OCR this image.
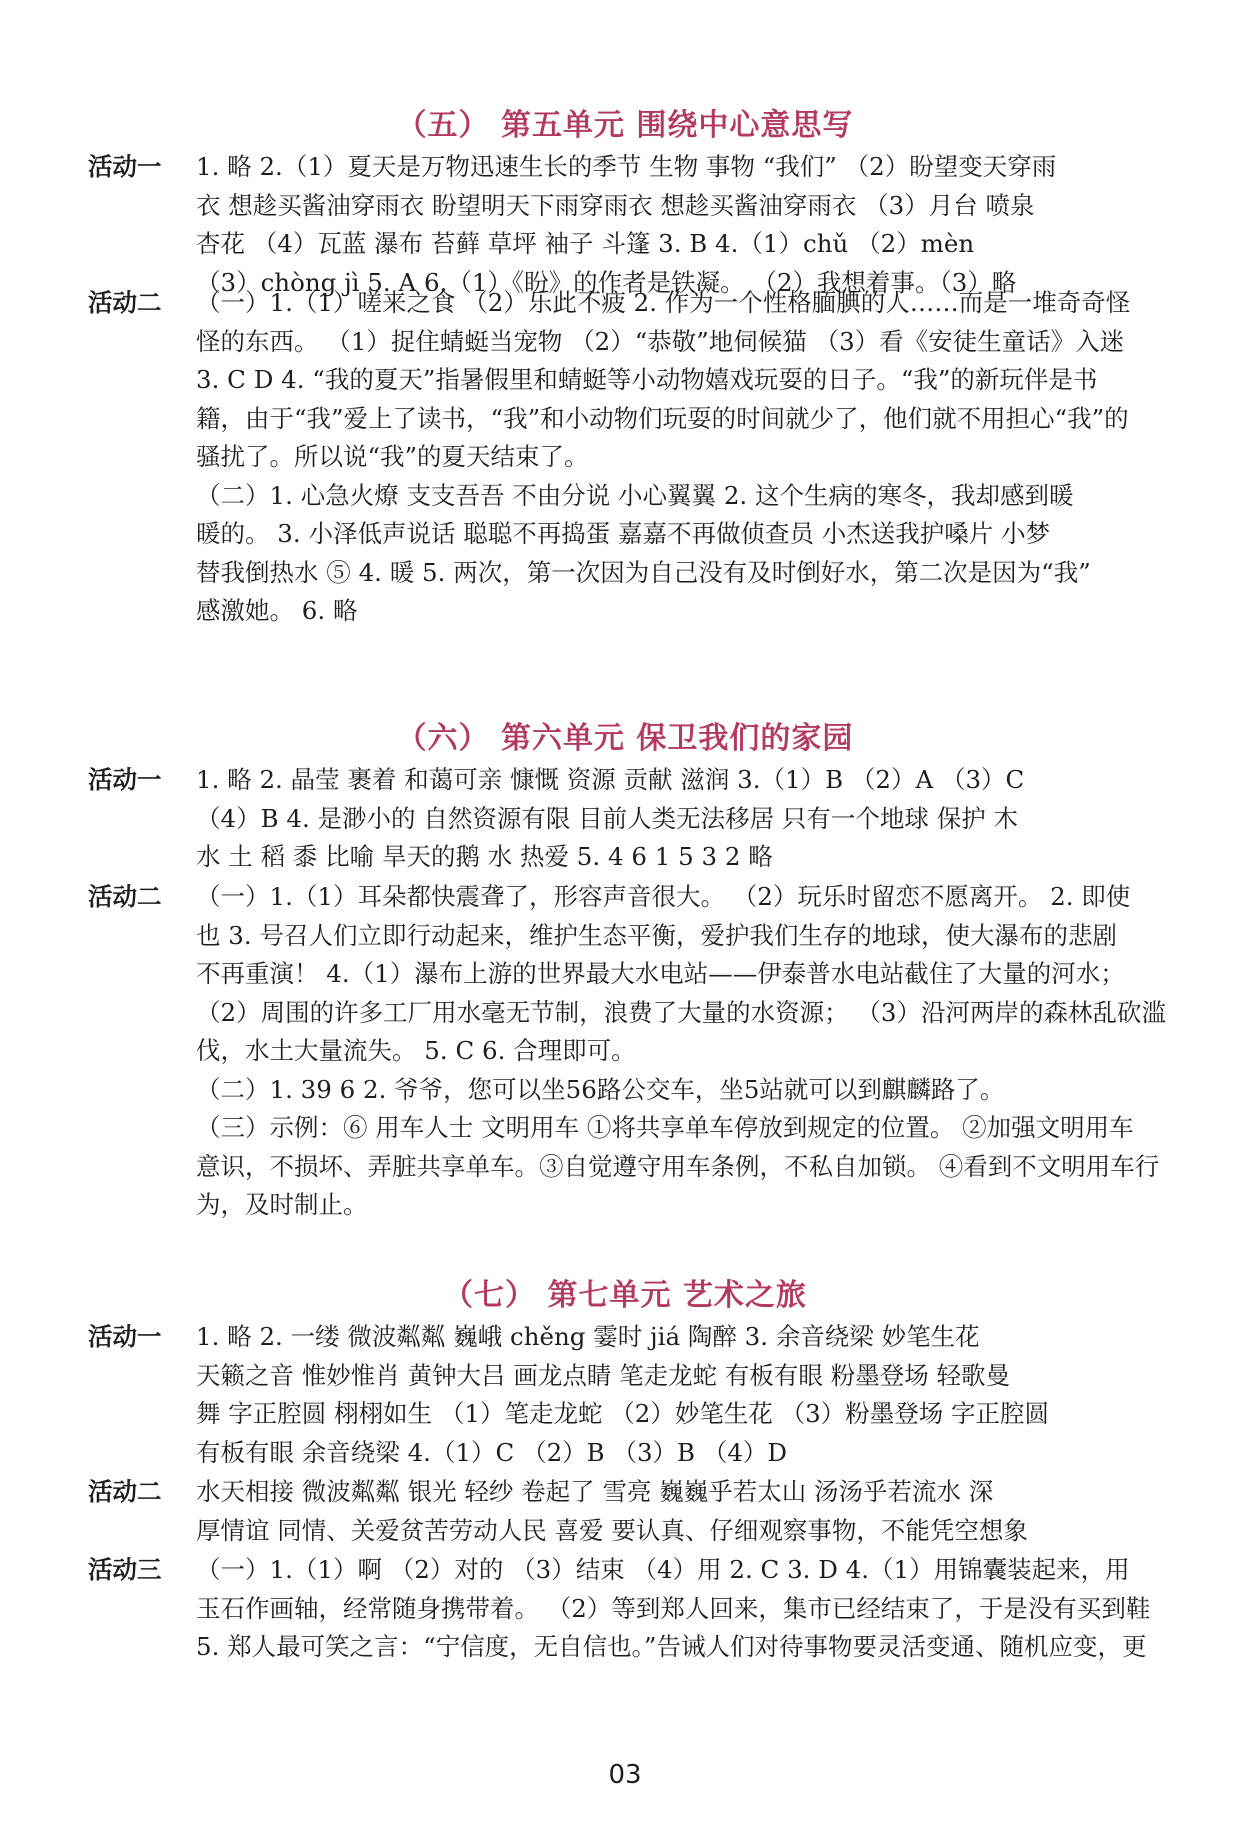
（五） 第五单元 围绕中心意思写
活动一 1. 略 2.（1）夏天是万物迅速生长的季节 生物 事物 “我们” （2）盼望变天穿雨
衣 想趁买酱油穿雨衣 盼望明天下雨穿雨衣 想趁买酱油穿雨衣 （3）月台 喷泉
杏花 （4）瓦蓝 瀑布 苔藓 草坪 袖子 斗篷 3. B 4.（1）chǔ （2）mèn
（3）chòng jì 5. A 6.（1）《盼》的作者是铁凝。 （2）我想着事。（3）略
活动二 （一）1.（1）嗟来之食 （2）乐此不疲 2. 作为一个性格腼腆的人……而是一堆奇奇怪
怪的东西。 （1）捉住蜻蜓当宠物 （2）“恭敬”地伺候猫 （3）看《安徒生童话》入迷
3. C D 4. “我的夏天”指暑假里和蜻蜓等小动物嬉戏玩耍的日子。“我”的新玩伴是书
籍，由于“我”爱上了读书，“我”和小动物们玩耍的时间就少了，他们就不用担心“我”的
骚扰了。所以说“我”的夏天结束了。
（二）1. 心急火燎 支支吾吾 不由分说 小心翼翼 2. 这个生病的寒冬，我却感到暖
暖的。 3. 小泽低声说话 聪聪不再捣蛋 嘉嘉不再做侦查员 小杰送我护嗓片 小梦
替我倒热水 ⑤ 4. 暖 5. 两次，第一次因为自己没有及时倒好水，第二次是因为“我”
感激她。 6. 略
（六） 第六单元 保卫我们的家园
活动一 1. 略 2. 晶莹 裹着 和蔼可亲 慷慨 资源 贡献 滋润 3.（1）B （2）A （3）C
（4）B 4. 是渺小的 自然资源有限 目前人类无法移居 只有一个地球 保护 木
水 土 稻 黍 比喻 旱天的鹅 水 热爱 5. 4 6 1 5 3 2 略
活动二 （一）1.（1）耳朵都快震聋了，形容声音很大。 （2）玩乐时留恋不愿离开。 2. 即使
也 3. 号召人们立即行动起来，维护生态平衡，爱护我们生存的地球，使大瀑布的悲剧
不再重演！ 4.（1）瀑布上游的世界最大水电站——伊泰普水电站截住了大量的河水；
（2）周围的许多工厂用水毫无节制，浪费了大量的水资源； （3）沿河两岸的森林乱砍滥
伐，水土大量流失。 5. C 6. 合理即可。
（二）1. 39 6 2. 爷爷，您可以坐56路公交车，坐5站就可以到麒麟路了。
（三）示例：⑥ 用车人士 文明用车 ①将共享单车停放到规定的位置。 ②加强文明用车
意识，不损坏、弄脏共享单车。③自觉遵守用车条例，不私自加锁。 ④看到不文明用车行
为，及时制止。
（七） 第七单元 艺术之旅
活动一 1. 略 2. 一缕 微波粼粼 巍峨 chěng 霎时 jiá 陶醉 3. 余音绕梁 妙笔生花
天籁之音 惟妙惟肖 黄钟大吕 画龙点睛 笔走龙蛇 有板有眼 粉墨登场 轻歌曼
舞 字正腔圆 栩栩如生 （1）笔走龙蛇 （2）妙笔生花 （3）粉墨登场 字正腔圆
有板有眼 余音绕梁 4.（1）C （2）B （3）B （4）D
活动二 水天相接 微波粼粼 银光 轻纱 卷起了 雪亮 巍巍乎若太山 汤汤乎若流水 深
厚情谊 同情、关爱贫苦劳动人民 喜爱 要认真、仔细观察事物，不能凭空想象
活动三 （一）1.（1）啊 （2）对的 （3）结束 （4）用 2. C 3. D 4.（1）用锦囊装起来，用
玉石作画轴，经常随身携带着。 （2）等到郑人回来，集市已经结束了，于是没有买到鞋
5. 郑人最可笑之言：“宁信度，无自信也。”告诫人们对待事物要灵活变通、随机应变，更
03
